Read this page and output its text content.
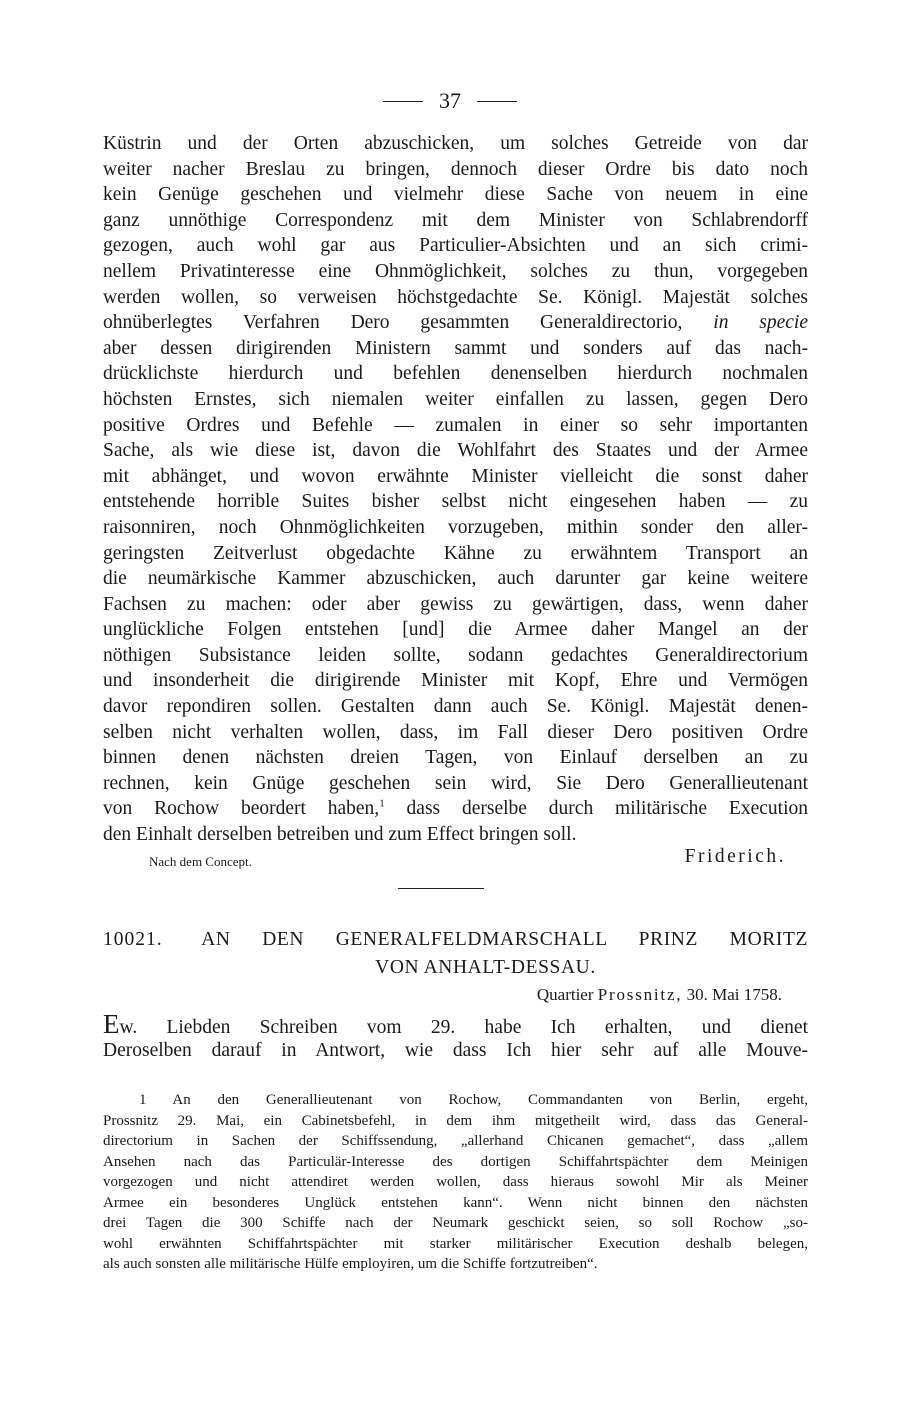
37
Küstrin und der Orten abzuschicken, um solches Getreide von dar
weiter nacher Breslau zu bringen, dennoch dieser Ordre bis dato noch
kein Genüge geschehen und vielmehr diese Sache von neuem in eine
ganz unnöthige Correspondenz mit dem Minister von Schlabrendorff
gezogen, auch wohl gar aus Particulier-Absichten und an sich crimi-
nellem Privatinteresse eine Ohnmöglichkeit, solches zu thun, vorgegeben
werden wollen, so verweisen höchstgedachte Se. Königl. Majestät solches
ohnüberlegtes Verfahren Dero gesammten Generaldirectorio, in specie
aber dessen dirigirenden Ministern sammt und sonders auf das nach-
drücklichste hierdurch und befehlen denenselben hierdurch nochmalen
höchsten Ernstes, sich niemalen weiter einfallen zu lassen, gegen Dero
positive Ordres und Befehle — zumalen in einer so sehr importanten
Sache, als wie diese ist, davon die Wohlfahrt des Staates und der Armee
mit abhänget, und wovon erwähnte Minister vielleicht die sonst daher
entstehende horrible Suites bisher selbst nicht eingesehen haben — zu
raisonniren, noch Ohnmöglichkeiten vorzugeben, mithin sonder den aller-
geringsten Zeitverlust obgedachte Kähne zu erwähntem Transport an
die neumärkische Kammer abzuschicken, auch darunter gar keine weitere
Fachsen zu machen: oder aber gewiss zu gewärtigen, dass, wenn daher
unglückliche Folgen entstehen [und] die Armee daher Mangel an der
nöthigen Subsistance leiden sollte, sodann gedachtes Generaldirectorium
und insonderheit die dirigirende Minister mit Kopf, Ehre und Vermögen
davor repondiren sollen. Gestalten dann auch Se. Königl. Majestät denen-
selben nicht verhalten wollen, dass, im Fall dieser Dero positiven Ordre
binnen denen nächsten dreien Tagen, von Einlauf derselben an zu
rechnen, kein Gnüge geschehen sein wird, Sie Dero Generallieutenant
von Rochow beordert haben,$^1$ dass derselbe durch militärische Execution
den Einhalt derselben betreiben und zum Effect bringen soll.
Nach dem Concept.	Friderich.
10021. AN DEN GENERALFELDMARSCHALL PRINZ MORITZ
VON ANHALT-DESSAU.
Quartier Prossnitz, 30. Mai 1758.
Ew. Liebden Schreiben vom 29. habe Ich erhalten, und dienet
Deroselben darauf in Antwort, wie dass Ich hier sehr auf alle Mouve-
1 An den Generallieutenant von Rochow, Commandanten von Berlin, ergeht,
Prossnitz 29. Mai, ein Cabinetsbefehl, in dem ihm mitgetheilt wird, dass das General-
directorium in Sachen der Schiffssendung, „allerhand Chicanen gemachet“, dass „allem
Ansehen nach das Particulär-Interesse des dortigen Schiffahrtspächter dem Meinigen
vorgezogen und nicht attendiret werden wollen, dass hieraus sowohl Mir als Meiner
Armee ein besonderes Unglück entstehen kann“. Wenn nicht binnen den nächsten
drei Tagen die 300 Schiffe nach der Neumark geschickt seien, so soll Rochow „so-
wohl erwähnten Schiffahrtspächter mit starker militärischer Execution deshalb belegen,
als auch sonsten alle militärische Hülfe employiren, um die Schiffe fortzutreiben“.
